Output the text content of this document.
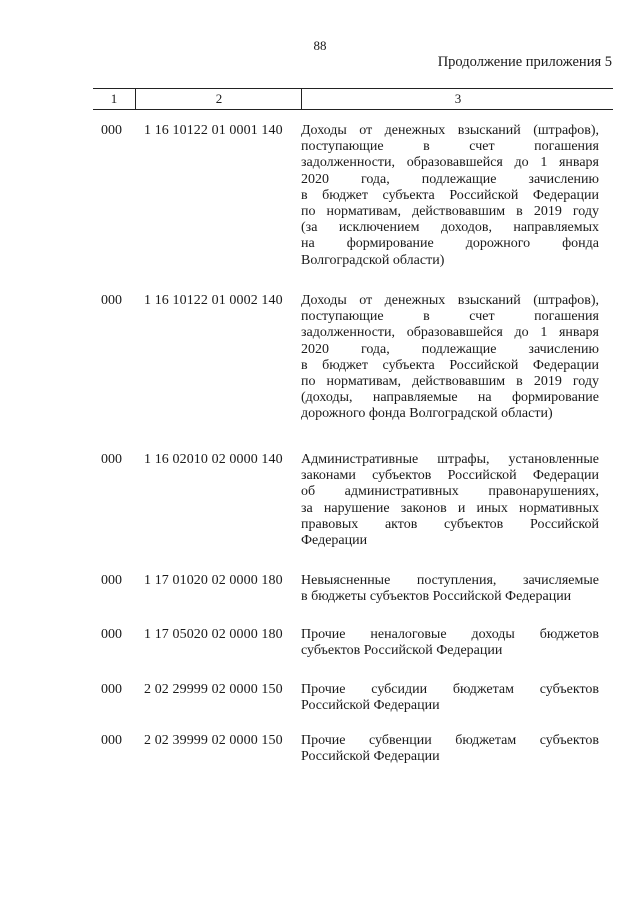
88
Продолжение приложения 5
1	2	3
000 1 16 10122 01 0001 140 Доходы от денежных взысканий (штрафов),
поступающие в счет погашения
задолженности, образовавшейся до 1 января
2020 года, подлежащие зачислению
в бюджет субъекта Российской Федерации
по нормативам, действовавшим в 2019 году
(за исключением доходов, направляемых
на формирование дорожного фонда
Волгоградской области)
000 1 16 10122 01 0002 140 Доходы от денежных взысканий (штрафов),
поступающие в счет погашения
задолженности, образовавшейся до 1 января
2020 года, подлежащие зачислению
в бюджет субъекта Российской Федерации
по нормативам, действовавшим в 2019 году
(доходы, направляемые на формирование
дорожного фонда Волгоградской области)
000 1 16 02010 02 0000 140 Административные штрафы, установленные
законами субъектов Российской Федерации
об административных правонарушениях,
за нарушение законов и иных нормативных
правовых актов субъектов Российской
Федерации
000 1 17 01020 02 0000 180 Невыясненные поступления, зачисляемые
в бюджеты субъектов Российской Федерации
000 1 17 05020 02 0000 180 Прочие неналоговые доходы бюджетов
субъектов Российской Федерации
000 2 02 29999 02 0000 150 Прочие субсидии бюджетам субъектов
Российской Федерации
000 2 02 39999 02 0000 150 Прочие субвенции бюджетам субъектов
Российской Федерации
